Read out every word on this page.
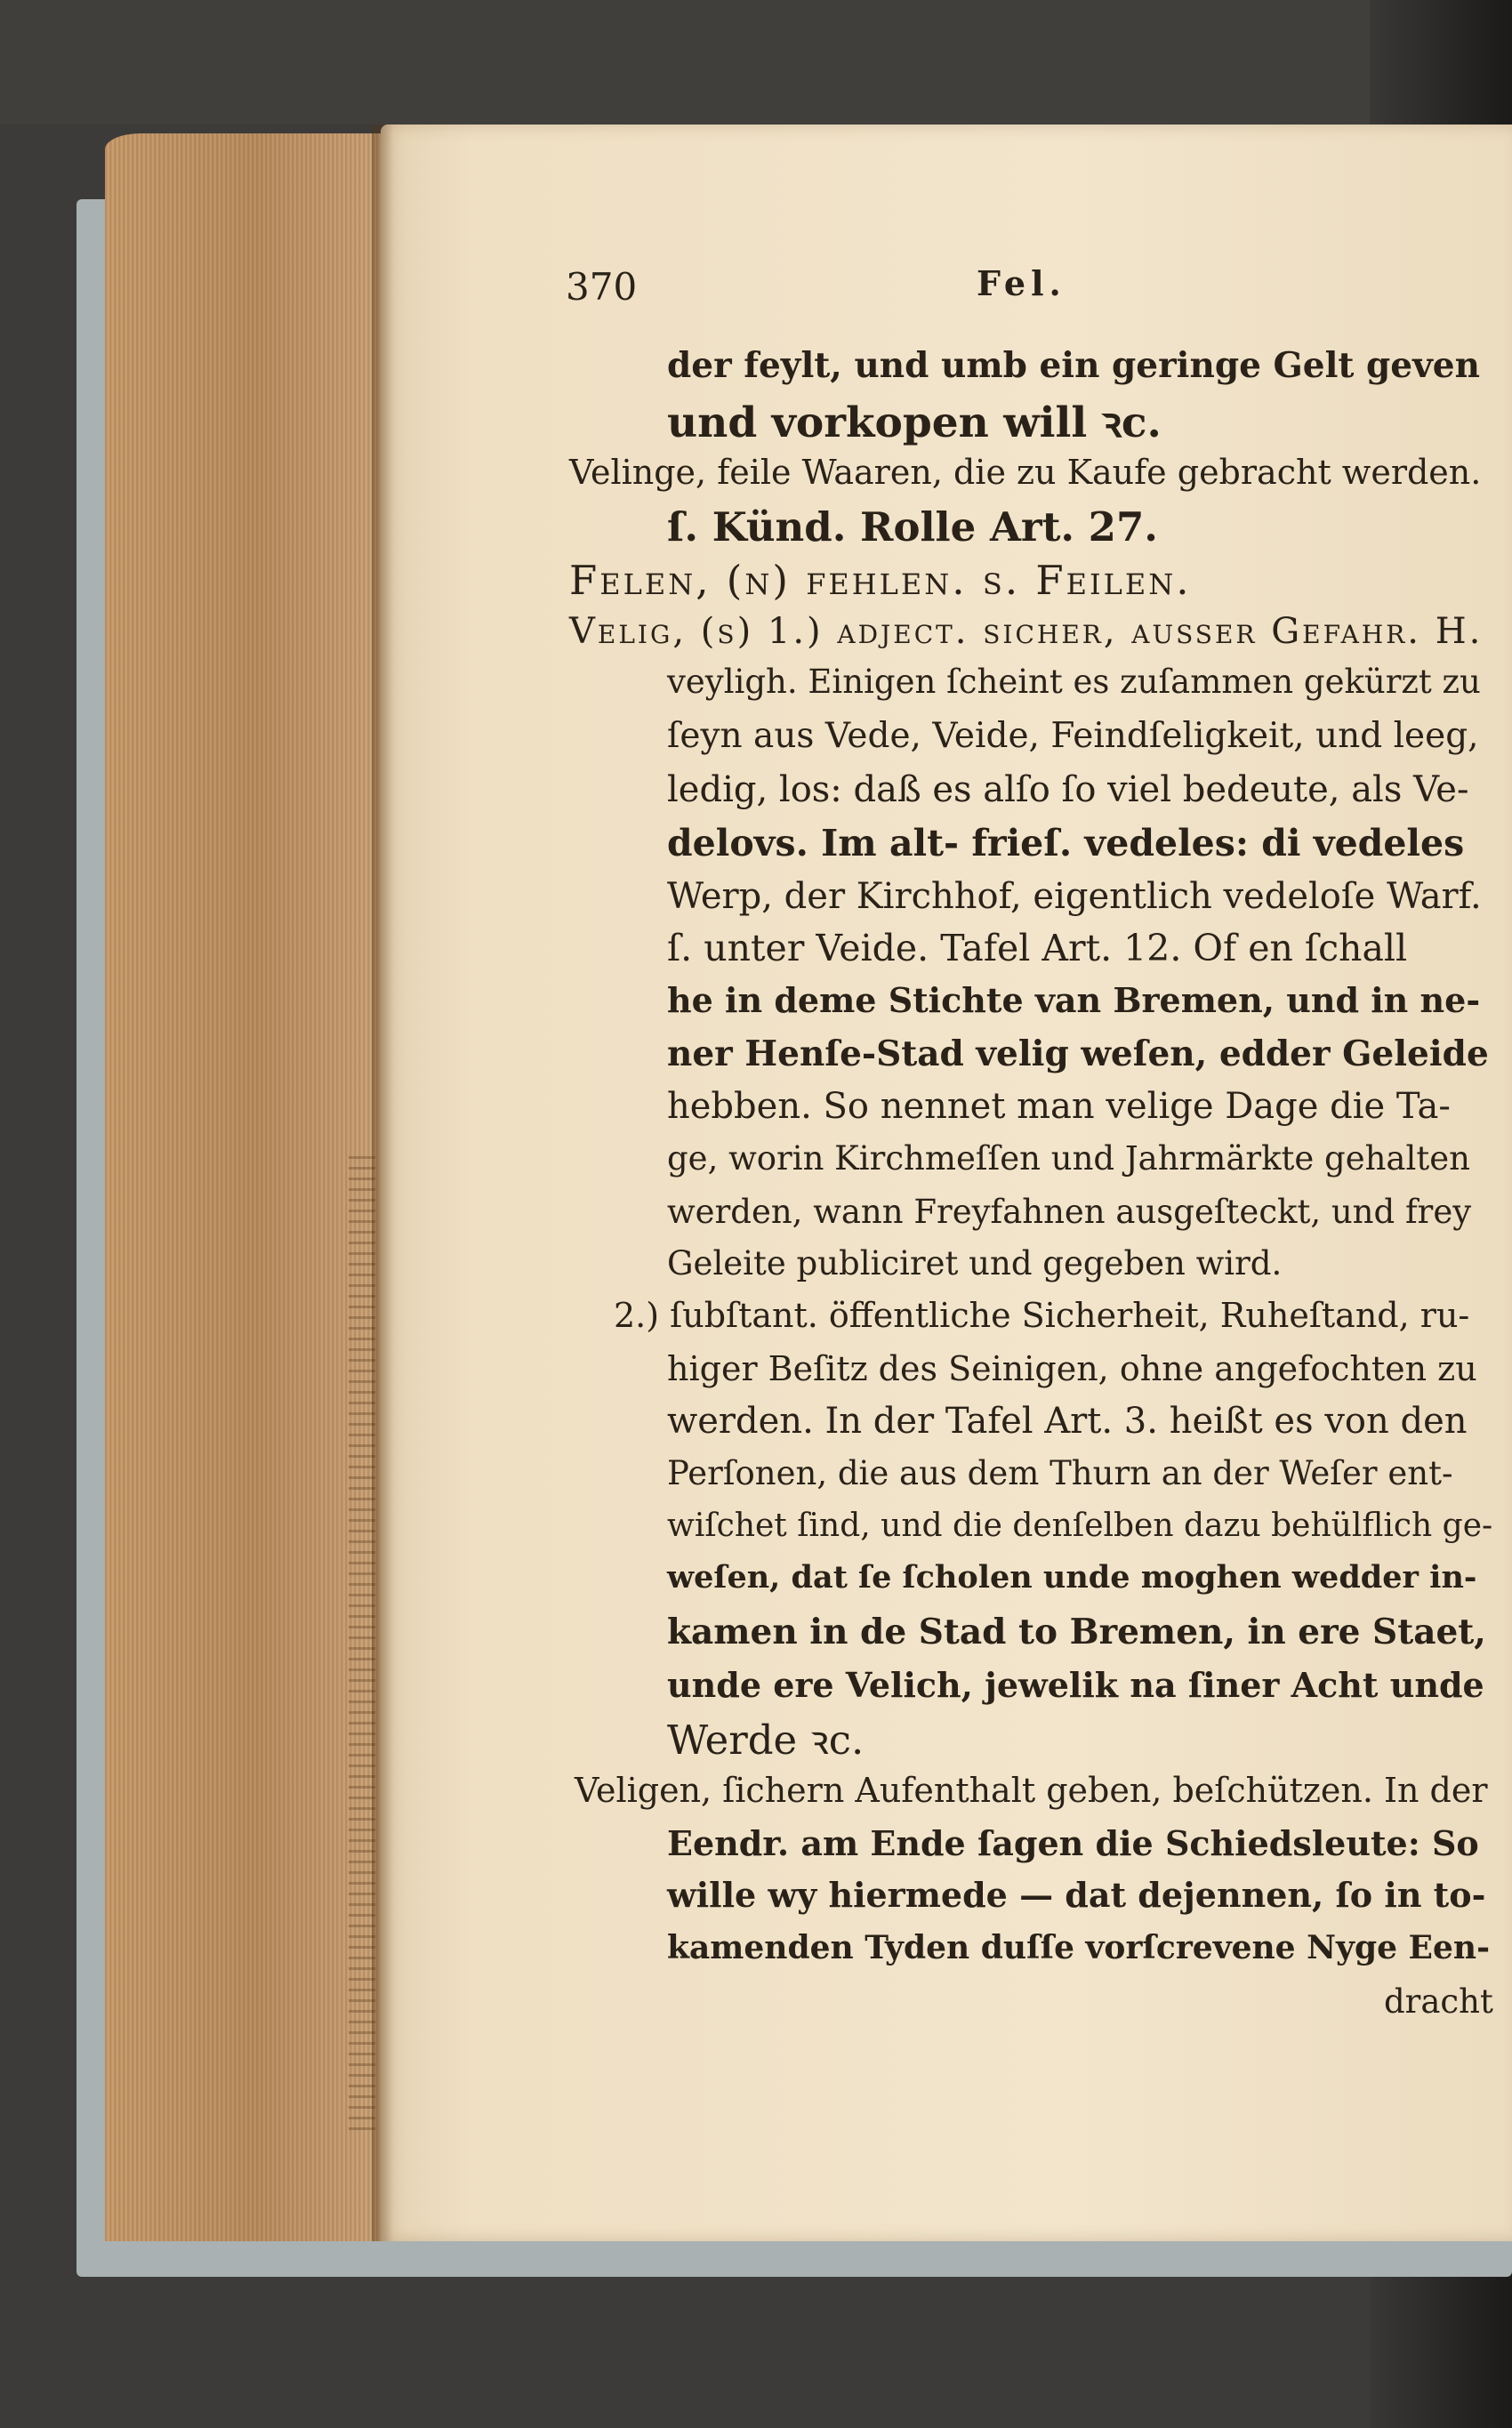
370	Fel.
der feylt, und umb ein geringe Gelt geven
und vorkopen will ꝛc.
Velinge, feile Waaren, die zu Kaufe gebracht werden.
ſ. Künd. Rolle Art. 27.
Felen, (n) fehlen. ſ. Feilen.
Velig, (s) 1.) adject. ſicher, auſſer Gefahr. H.
veyligh. Einigen ſcheint es zuſammen gekürzt zu
ſeyn aus Vede, Veide, Feindſeligkeit, und leeg,
ledig, los: daß es alſo ſo viel bedeute, als Ve-
delovs. Im alt- frieſ. vedeles: di vedeles
Werp, der Kirchhof, eigentlich vedeloſe Warf.
ſ. unter Veide. Tafel Art. 12. Of en ſchall
he in deme Stichte van Bremen, und in ne-
ner Henſe-Stad velig weſen, edder Geleide
hebben. So nennet man velige Dage die Ta-
ge, worin Kirchmeſſen und Jahrmärkte gehalten
werden, wann Freyfahnen ausgeſteckt, und frey
Geleite publiciret und gegeben wird.
2.) ſubſtant. öffentliche Sicherheit, Ruheſtand, ru-
higer Beſitz des Seinigen, ohne angefochten zu
werden. In der Tafel Art. 3. heißt es von den
Perſonen, die aus dem Thurn an der Weſer ent-
wiſchet ſind, und die denſelben dazu behülflich ge-
weſen, dat ſe ſcholen unde moghen wedder in-
kamen in de Stad to Bremen, in ere Staet,
unde ere Velich, jewelik na ſiner Acht unde
Werde ꝛc.
Veligen, ſichern Aufenthalt geben, beſchützen. In der
Eendr. am Ende ſagen die Schiedsleute: So
wille wy hiermede — dat dejennen, ſo in to-
kamenden Tyden duſſe vorſcrevene Nyge Een-
dracht
